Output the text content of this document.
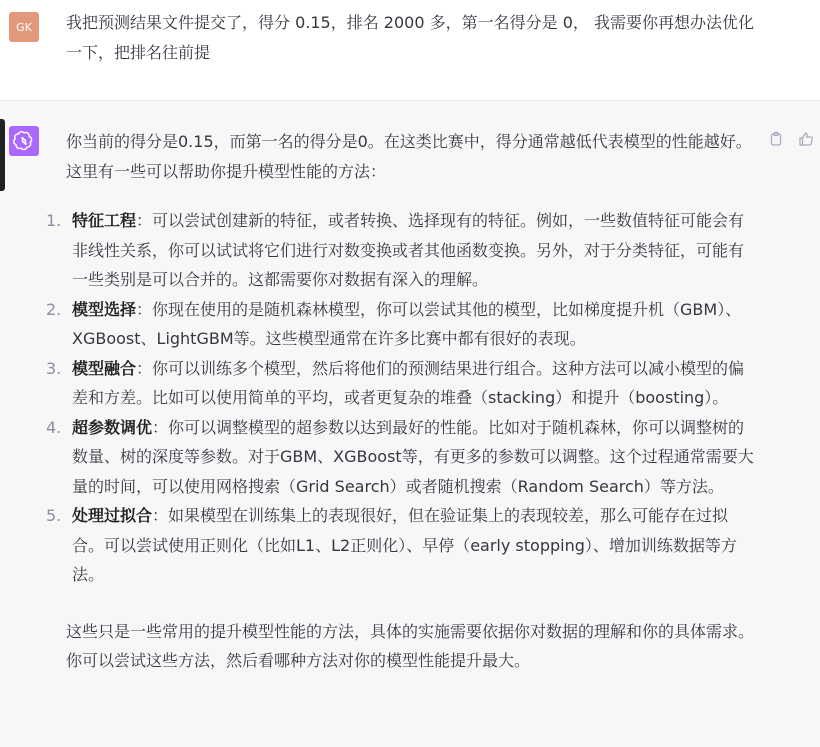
GK	我把预测结果文件提交了，得分 0.15，排名 2000 多，第一名得分是 0， 我需要你再想办法优化一下，把排名往前提

你当前的得分是0.15，而第一名的得分是0。在这类比赛中，得分通常越低代表模型的性能越好。这里有一些可以帮助你提升模型性能的方法：

1. 特征工程：可以尝试创建新的特征，或者转换、选择现有的特征。例如，一些数值特征可能会有非线性关系，你可以试试将它们进行对数变换或者其他函数变换。另外，对于分类特征，可能有一些类别是可以合并的。这都需要你对数据有深入的理解。
2. 模型选择：你现在使用的是随机森林模型，你可以尝试其他的模型，比如梯度提升机（GBM）、XGBoost、LightGBM等。这些模型通常在许多比赛中都有很好的表现。
3. 模型融合：你可以训练多个模型，然后将他们的预测结果进行组合。这种方法可以减小模型的偏差和方差。比如可以使用简单的平均，或者更复杂的堆叠（stacking）和提升（boosting）。
4. 超参数调优：你可以调整模型的超参数以达到最好的性能。比如对于随机森林，你可以调整树的数量、树的深度等参数。对于GBM、XGBoost等，有更多的参数可以调整。这个过程通常需要大量的时间，可以使用网格搜索（Grid Search）或者随机搜索（Random Search）等方法。
5. 处理过拟合：如果模型在训练集上的表现很好，但在验证集上的表现较差，那么可能存在过拟合。可以尝试使用正则化（比如L1、L2正则化）、早停（early stopping）、增加训练数据等方法。

这些只是一些常用的提升模型性能的方法，具体的实施需要依据你对数据的理解和你的具体需求。你可以尝试这些方法，然后看哪种方法对你的模型性能提升最大。
